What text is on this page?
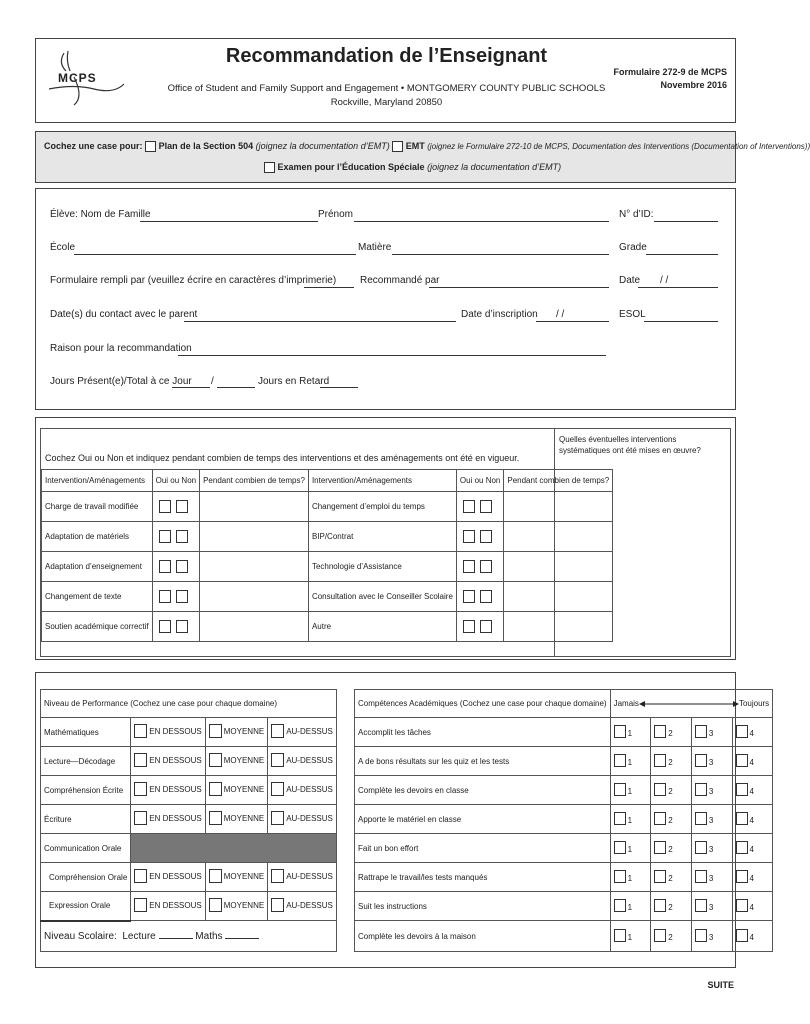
MCPS
Recommandation de l’Enseignant
Office of Student and Family Support and Engagement • MONTGOMERY COUNTY PUBLIC SCHOOLS
Rockville, Maryland 20850
Formulaire 272-9 de MCPS
Novembre 2016
Cochez une case pour: Plan de la Section 504 (joignez la documentation d’EMT) EMT (joignez le Formulaire 272-10 de MCPS, Documentation des Interventions (Documentation of Interventions))
Examen pour l’Éducation Spéciale (joignez la documentation d’EMT)
Élève: Nom de Famille	Prénom	N° d’ID:
École	Matière	Grade
Formulaire rempli par (veuillez écrire en caractères d’imprimerie) Recommandé par	Date / /
Date(s) du contact avec le parent	Date d’inscription / /	ESOL
Raison pour la recommandation
Jours Présent(e)/Total à ce Jour /	Jours en Retard
Quelles éventuelles interventions systématiques ont été mises en œuvre?
Cochez Oui ou Non et indiquez pendant combien de temps des interventions et des aménagements ont été en vigueur.
Intervention/Aménagements	Oui ou Non	Pendant combien de temps?	Intervention/Aménagements	Oui ou Non	Pendant combien de temps?
Charge de travail modifiée			Changement d’emploi du temps		
Adaptation de matériels			BIP/Contrat		
Adaptation d’enseignement			Technologie d’Assistance		
Changement de texte			Consultation avec le Conseiller Scolaire		
Soutien académique correctif			Autre		
Niveau de Performance (Cochez une case pour chaque domaine)			
Mathématiques	EN DESSOUS	MOYENNE	AU-DESSUS

Lecture—Décodage	EN DESSOUS	MOYENNE	AU-DESSUS

Compréhension Écrite	EN DESSOUS	MOYENNE	AU-DESSUS

Écriture	EN DESSOUS	MOYENNE	AU-DESSUS

Communication Orale			
Compréhension Orale	EN DESSOUS	MOYENNE	AU-DESSUS

Expression Orale	EN DESSOUS	MOYENNE	AU-DESSUS

Niveau Scolaire: Lecture Maths			
Compétences Académiques (Cochez une case pour chaque domaine)	Jamais Toujours			

Accomplit les tâches	1	2	3	4

A de bons résultats sur les quiz et les tests	1	2	3	4

Complète les devoirs en classe	1	2	3	4

Apporte le matériel en classe	1	2	3	4

Fait un bon effort	1	2	3	4

Rattrape le travail/les tests manqués	1	2	3	4

Suit les instructions	1	2	3	4

Complète les devoirs à la maison	1	2	3	4
SUITE
